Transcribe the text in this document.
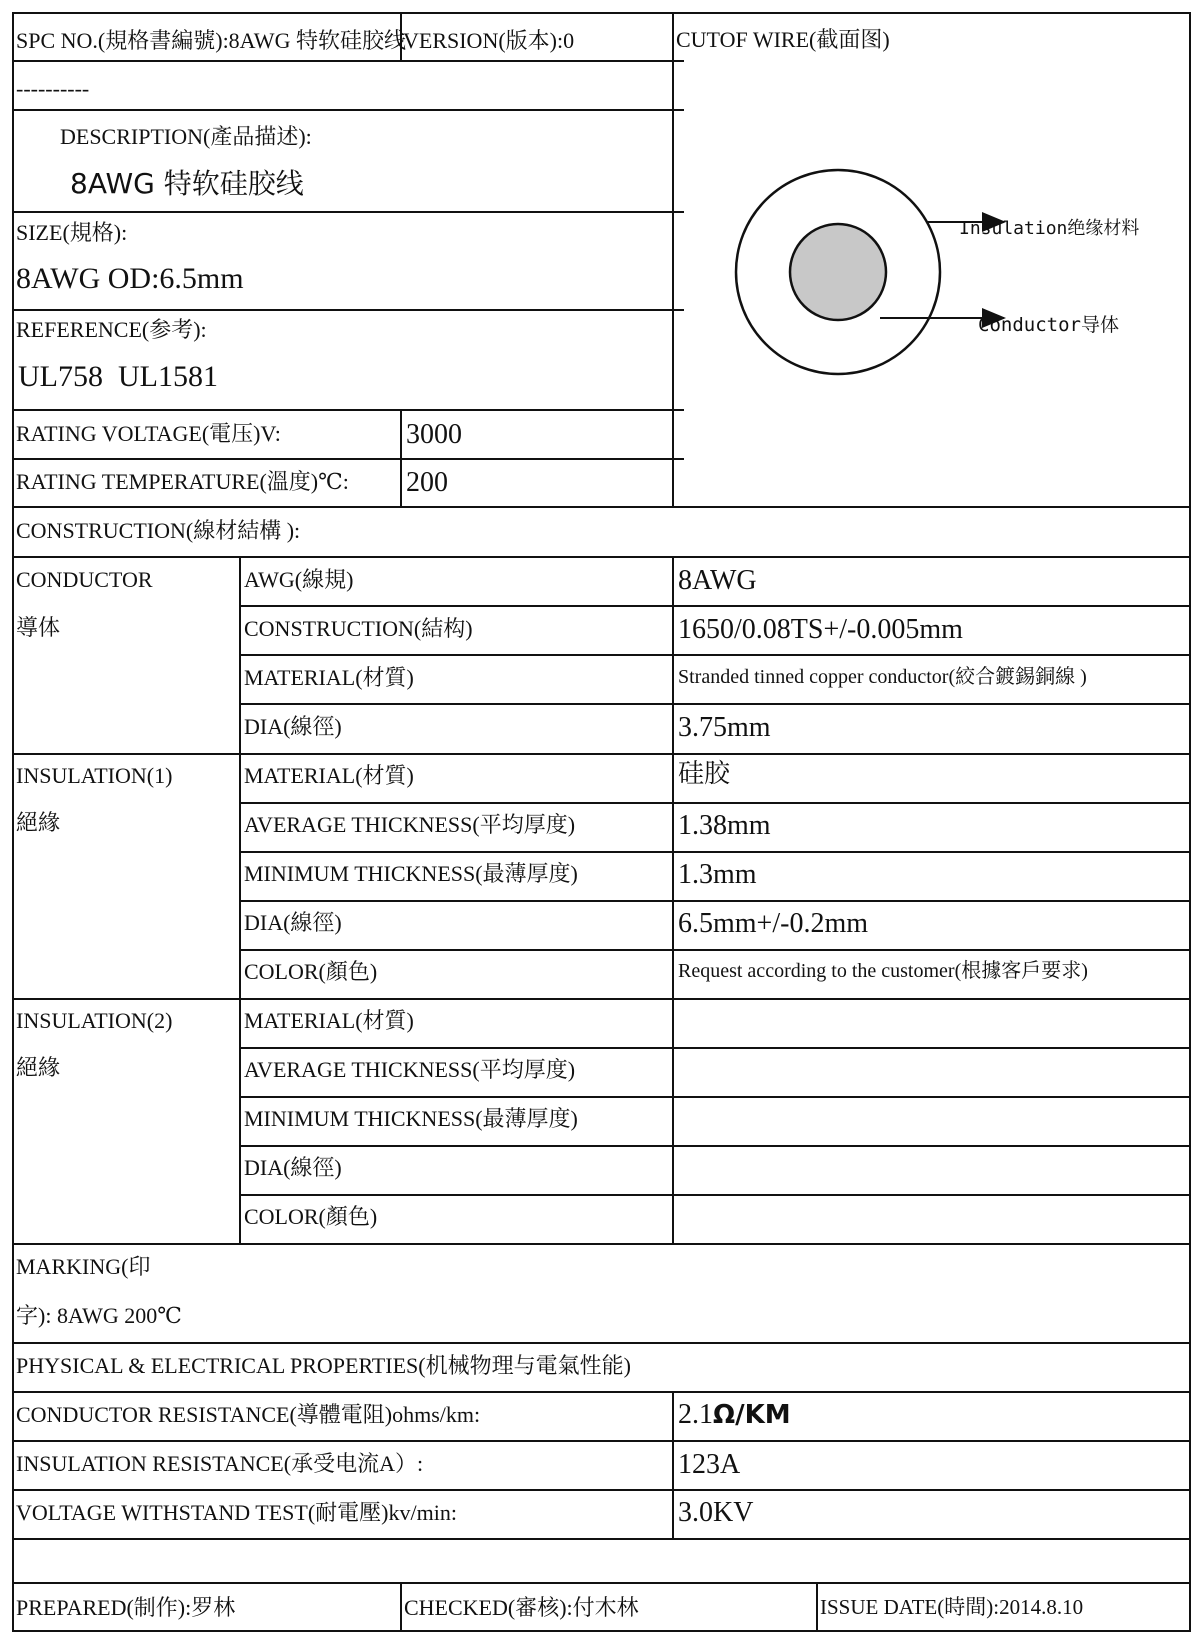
SPC NO.(規格書編號):8AWG 特软硅胶线
VERSION(版本):0
----------
CUTOF WIRE(截面图)
DESCRIPTION(產品描述):
8AWG 特软硅胶线
SIZE(規格):
8AWG OD:6.5mm
REFERENCE(参考):
UL758  UL1581
RATING VOLTAGE(電压)V:	3000
RATING TEMPERATURE(溫度)℃: 200
Insulation绝缘材料
Conductor导体
CONSTRUCTION(線材結構 ):
CONDUCTOR
導体
AWG(線規)	8AWG
CONSTRUCTION(結构)	1650/0.08TS+/-0.005mm
MATERIAL(材質)	Stranded tinned copper conductor(絞合鍍錫銅線 )
DIA(線徑)	3.75mm
INSULATION(1)
絕緣
MATERIAL(材質)	硅胶
AVERAGE THICKNESS(平均厚度)	1.38mm
MINIMUM THICKNESS(最薄厚度)	1.3mm
DIA(線徑)	6.5mm+/-0.2mm
COLOR(顏色)	Request according to the customer(根據客戶要求)
INSULATION(2)
絕緣
MATERIAL(材質)
AVERAGE THICKNESS(平均厚度)
MINIMUM THICKNESS(最薄厚度)
DIA(線徑)
COLOR(顏色)
MARKING(印
字): 8AWG 200℃
PHYSICAL & ELECTRICAL PROPERTIES(机械物理与電氣性能)
CONDUCTOR RESISTANCE(導體電阻)ohms/km:	2.1Ω/KM
INSULATION RESISTANCE(承受电流A）:	123A
VOLTAGE WITHSTAND TEST(耐電壓)kv/min:	3.0KV
PREPARED(制作):罗林	CHECKED(審核):付木林	ISSUE DATE(時間):2014.8.10
